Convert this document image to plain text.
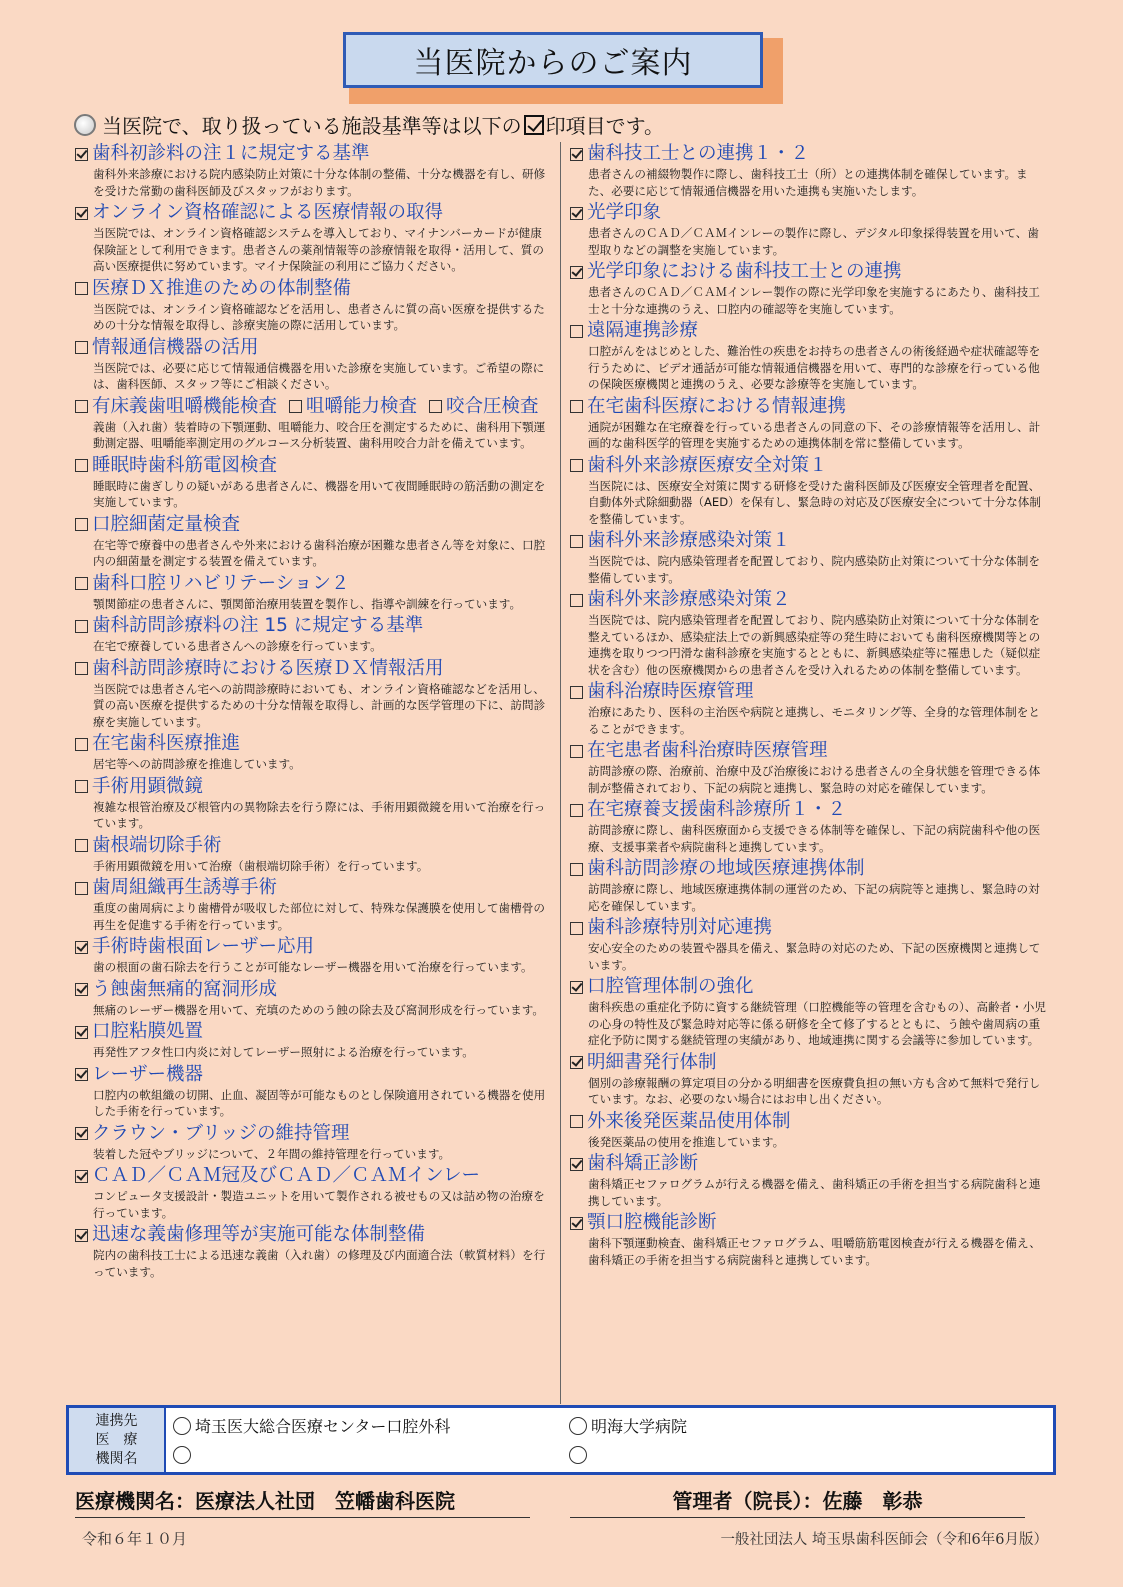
当医院からのご案内
当医院で、取り扱っている施設基準等は以下の 印項目です。
歯科初診料の注１に規定する基準
歯科外来診療における院内感染防止対策に十分な体制の整備、十分な機器を有し、研修を受けた常勤の歯科医師及びスタッフがおります。
オンライン資格確認による医療情報の取得
当医院では、オンライン資格確認システムを導入しており、マイナンバーカードが健康保険証として利用できます。患者さんの薬剤情報等の診療情報を取得・活用して、質の高い医療提供に努めています。マイナ保険証の利用にご協力ください。
医療ＤＸ推進のための体制整備
当医院では、オンライン資格確認などを活用し、患者さんに質の高い医療を提供するための十分な情報を取得し、診療実施の際に活用しています。
情報通信機器の活用
当医院では、必要に応じて情報通信機器を用いた診療を実施しています。ご希望の際には、歯科医師、スタッフ等にご相談ください。
有床義歯咀嚼機能検査 咀嚼能力検査 咬合圧検査
義歯（入れ歯）装着時の下顎運動、咀嚼能力、咬合圧を測定するために、歯科用下顎運動測定器、咀嚼能率測定用のグルコース分析装置、歯科用咬合力計を備えています。
睡眠時歯科筋電図検査
睡眠時に歯ぎしりの疑いがある患者さんに、機器を用いて夜間睡眠時の筋活動の測定を実施しています。
口腔細菌定量検査
在宅等で療養中の患者さんや外来における歯科治療が困難な患者さん等を対象に、口腔内の細菌量を測定する装置を備えています。
歯科口腔リハビリテーション２
顎関節症の患者さんに、顎関節治療用装置を製作し、指導や訓練を行っています。
歯科訪問診療料の注 15 に規定する基準
在宅で療養している患者さんへの診療を行っています。
歯科訪問診療時における医療ＤＸ情報活用
当医院では患者さん宅への訪問診療時においても、オンライン資格確認などを活用し、質の高い医療を提供するための十分な情報を取得し、計画的な医学管理の下に、訪問診療を実施しています。
在宅歯科医療推進
居宅等への訪問診療を推進しています。
手術用顕微鏡
複雑な根管治療及び根管内の異物除去を行う際には、手術用顕微鏡を用いて治療を行っています。
歯根端切除手術
手術用顕微鏡を用いて治療（歯根端切除手術）を行っています。
歯周組織再生誘導手術
重度の歯周病により歯槽骨が吸収した部位に対して、特殊な保護膜を使用して歯槽骨の再生を促進する手術を行っています。
手術時歯根面レーザー応用
歯の根面の歯石除去を行うことが可能なレーザー機器を用いて治療を行っています。
う蝕歯無痛的窩洞形成
無痛のレーザー機器を用いて、充填のためのう蝕の除去及び窩洞形成を行っています。
口腔粘膜処置
再発性アフタ性口内炎に対してレーザー照射による治療を行っています。
レーザー機器
口腔内の軟組織の切開、止血、凝固等が可能なものとし保険適用されている機器を使用した手術を行っています。
クラウン・ブリッジの維持管理
装着した冠やブリッジについて、２年間の維持管理を行っています。
ＣＡＤ／ＣＡＭ冠及びＣＡＤ／ＣＡＭインレー
コンピュータ支援設計・製造ユニットを用いて製作される被せもの又は詰め物の治療を行っています。
迅速な義歯修理等が実施可能な体制整備
院内の歯科技工士による迅速な義歯（入れ歯）の修理及び内面適合法（軟質材料）を行っています。
歯科技工士との連携１・２
患者さんの補綴物製作に際し、歯科技工士（所）との連携体制を確保しています。また、必要に応じて情報通信機器を用いた連携も実施いたします。
光学印象
患者さんのＣＡＤ／ＣＡＭインレーの製作に際し、デジタル印象採得装置を用いて、歯型取りなどの調整を実施しています。
光学印象における歯科技工士との連携
患者さんのＣＡＤ／ＣＡＭインレー製作の際に光学印象を実施するにあたり、歯科技工士と十分な連携のうえ、口腔内の確認等を実施しています。
遠隔連携診療
口腔がんをはじめとした、難治性の疾患をお持ちの患者さんの術後経過や症状確認等を行うために、ビデオ通話が可能な情報通信機器を用いて、専門的な診療を行っている他の保険医療機関と連携のうえ、必要な診療等を実施しています。
在宅歯科医療における情報連携
通院が困難な在宅療養を行っている患者さんの同意の下、その診療情報等を活用し、計画的な歯科医学的管理を実施するための連携体制を常に整備しています。
歯科外来診療医療安全対策１
当医院には、医療安全対策に関する研修を受けた歯科医師及び医療安全管理者を配置、自動体外式除細動器（AED）を保有し、緊急時の対応及び医療安全について十分な体制を整備しています。
歯科外来診療感染対策１
当医院では、院内感染管理者を配置しており、院内感染防止対策について十分な体制を整備しています。
歯科外来診療感染対策２
当医院では、院内感染管理者を配置しており、院内感染防止対策について十分な体制を整えているほか、感染症法上での新興感染症等の発生時においても歯科医療機関等との連携を取りつつ円滑な歯科診療を実施するとともに、新興感染症等に罹患した（疑似症状を含む）他の医療機関からの患者さんを受け入れるための体制を整備しています。
歯科治療時医療管理
治療にあたり、医科の主治医や病院と連携し、モニタリング等、全身的な管理体制をとることができます。
在宅患者歯科治療時医療管理
訪問診療の際、治療前、治療中及び治療後における患者さんの全身状態を管理できる体制が整備されており、下記の病院と連携し、緊急時の対応を確保しています。
在宅療養支援歯科診療所１・２
訪問診療に際し、歯科医療面から支援できる体制等を確保し、下記の病院歯科や他の医療、支援事業者や病院歯科と連携しています。
歯科訪問診療の地域医療連携体制
訪問診療に際し、地域医療連携体制の運営のため、下記の病院等と連携し、緊急時の対応を確保しています。
歯科診療特別対応連携
安心安全のための装置や器具を備え、緊急時の対応のため、下記の医療機関と連携しています。
口腔管理体制の強化
歯科疾患の重症化予防に資する継続管理（口腔機能等の管理を含むもの）、高齢者・小児の心身の特性及び緊急時対応等に係る研修を全て修了するとともに、う蝕や歯周病の重症化予防に関する継続管理の実績があり、地域連携に関する会議等に参加しています。
明細書発行体制
個別の診療報酬の算定項目の分かる明細書を医療費負担の無い方も含めて無料で発行しています。なお、必要のない場合にはお申し出ください。
外来後発医薬品使用体制
後発医薬品の使用を推進しています。
歯科矯正診断
歯科矯正セファログラムが行える機器を備え、歯科矯正の手術を担当する病院歯科と連携しています。
顎口腔機能診断
歯科下顎運動検査、歯科矯正セファログラム、咀嚼筋筋電図検査が行える機器を備え、歯科矯正の手術を担当する病院歯科と連携しています。
連携先
医　療
機関名
埼玉医大総合医療センター口腔外科	明海大学病院
医療機関名：医療法人社団　笠幡歯科医院	管理者（院長）：佐藤　彰恭
令和６年１０月	一般社団法人 埼玉県歯科医師会（令和6年6月版）
